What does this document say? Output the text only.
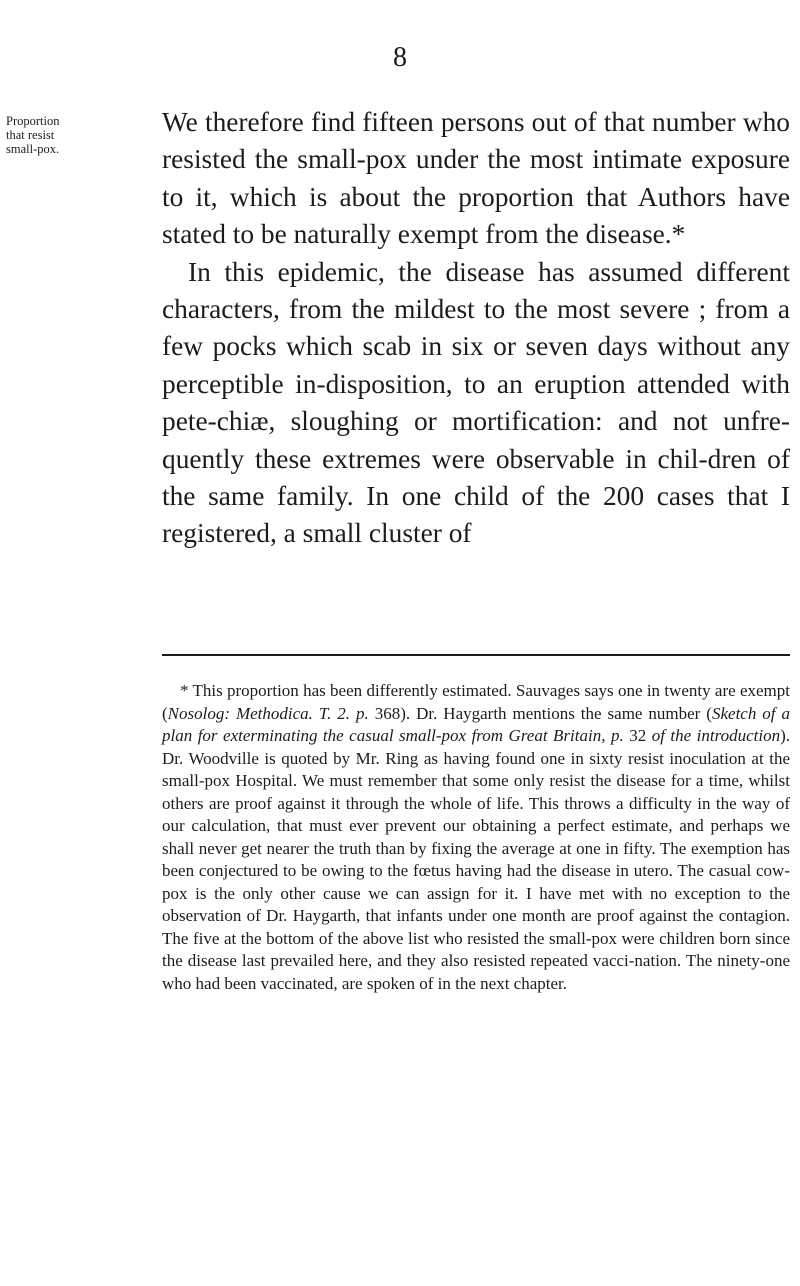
8
Proportion
that resist
small-pox.

We therefore find fifteen persons out of that number who resisted the small-pox under the most intimate exposure to it, which is about the proportion that Authors have stated to be naturally exempt from the disease.*

In this epidemic, the disease has assumed different characters, from the mildest to the most severe ; from a few pocks which scab in six or seven days without any perceptible in-disposition, to an eruption attended with pete-chiæ, sloughing or mortification: and not unfre-quently these extremes were observable in chil-dren of the same family. In one child of the 200 cases that I registered, a small cluster of

* This proportion has been differently estimated. Sauvages says one in twenty are exempt (Nosolog: Methodica. T. 2. p. 368). Dr. Haygarth mentions the same number (Sketch of a plan for exterminating the casual small-pox from Great Britain, p. 32 of the introduction). Dr. Woodville is quoted by Mr. Ring as having found one in sixty resist inoculation at the small-pox Hospital. We must remember that some only resist the disease for a time, whilst others are proof against it through the whole of life. This throws a difficulty in the way of our calculation, that must ever prevent our obtaining a perfect estimate, and perhaps we shall never get nearer the truth than by fixing the average at one in fifty. The exemption has been conjectured to be owing to the fœtus having had the disease in utero. The casual cow-pox is the only other cause we can assign for it. I have met with no exception to the observation of Dr. Haygarth, that infants under one month are proof against the contagion. The five at the bottom of the above list who resisted the small-pox were children born since the disease last prevailed here, and they also resisted repeated vacci-nation. The ninety-one who had been vaccinated, are spoken of in the next chapter.
